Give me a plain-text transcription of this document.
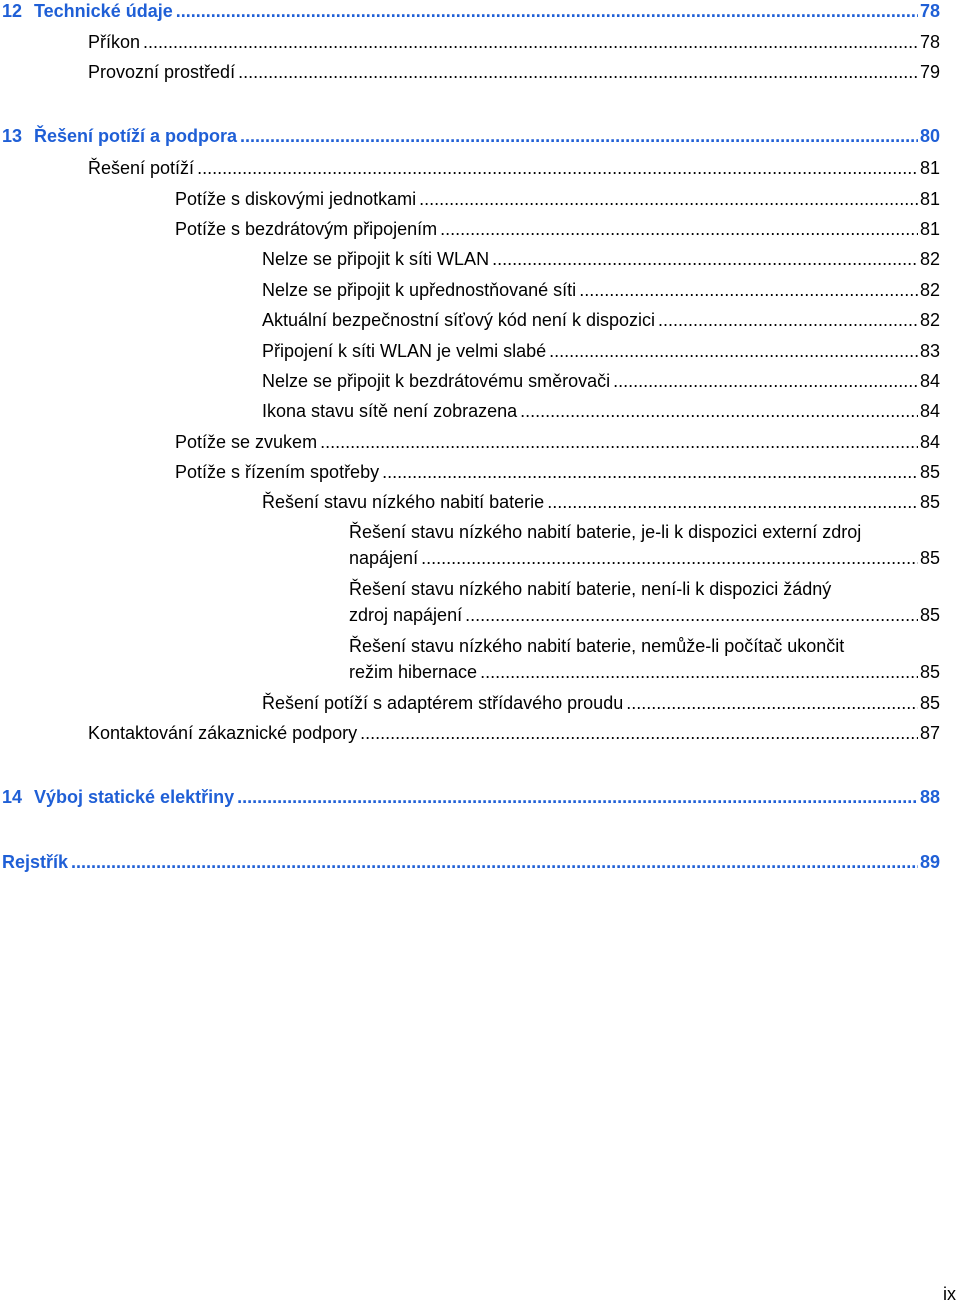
12 Technické údaje .....	78
Příkon .....	78
Provozní prostředí .....	79
13 Řešení potíží a podpora .....	80
Řešení potíží .....	81
Potíže s diskovými jednotkami .....	81
Potíže s bezdrátovým připojením .....	81
Nelze se připojit k síti WLAN .....	82
Nelze se připojit k upřednostňované síti .....	82
Aktuální bezpečnostní síťový kód není k dispozici .....	82
Připojení k síti WLAN je velmi slabé .....	83
Nelze se připojit k bezdrátovému směrovači .....	84
Ikona stavu sítě není zobrazena .....	84
Potíže se zvukem .....	84
Potíže s řízením spotřeby .....	85
Řešení stavu nízkého nabití baterie .....	85
Řešení stavu nízkého nabití baterie, je-li k dispozici externí zdroj
napájení .....	85
Řešení stavu nízkého nabití baterie, není-li k dispozici žádný
zdroj napájení .....	85
Řešení stavu nízkého nabití baterie, nemůže-li počítač ukončit
režim hibernace .....	85
Řešení potíží s adaptérem střídavého proudu .....	85
Kontaktování zákaznické podpory .....	87
14 Výboj statické elektřiny .....	88
Rejstřík .....	89
ix
